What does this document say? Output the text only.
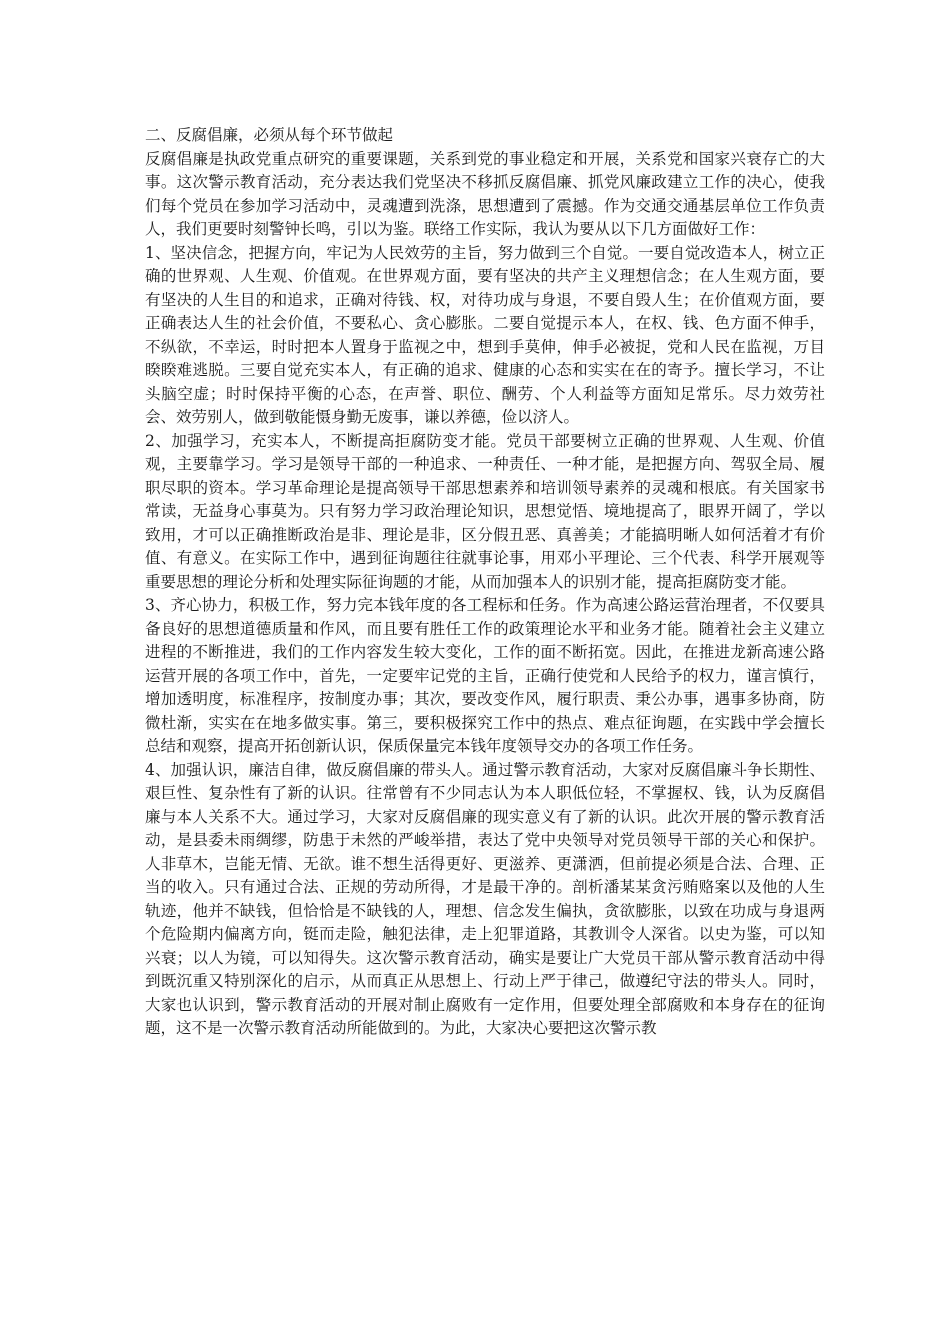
二、反腐倡廉，必须从每个环节做起

反腐倡廉是执政党重点研究的重要课题，关系到党的事业稳定和开展，关系党和国家兴衰存亡的大事。这次警示教育活动，充分表达我们党坚决不移抓反腐倡廉、抓党风廉政建立工作的决心，使我们每个党员在参加学习活动中，灵魂遭到洗涤，思想遭到了震撼。作为交通交通基层单位工作负责人，我们更要时刻警钟长鸣，引以为鉴。联络工作实际，我认为要从以下几方面做好工作：

1、坚决信念，把握方向，牢记为人民效劳的主旨，努力做到三个自觉。一要自觉改造本人，树立正确的世界观、人生观、价值观。在世界观方面，要有坚决的共产主义理想信念；在人生观方面，要有坚决的人生目的和追求，正确对待钱、权，对待功成与身退，不要自毁人生；在价值观方面，要正确表达人生的社会价值，不要私心、贪心膨胀。二要自觉提示本人，在权、钱、色方面不伸手，不纵欲，不幸运，时时把本人置身于监视之中，想到手莫伸，伸手必被捉，党和人民在监视，万目睽睽难逃脱。三要自觉充实本人，有正确的追求、健康的心态和实实在在的寄予。擅长学习，不让头脑空虚；时时保持平衡的心态，在声誉、职位、酬劳、个人利益等方面知足常乐。尽力效劳社会、效劳别人，做到敬能慑身勤无废事，谦以养德，俭以济人。

2、加强学习，充实本人，不断提高拒腐防变才能。党员干部要树立正确的世界观、人生观、价值观，主要靠学习。学习是领导干部的一种追求、一种责任、一种才能，是把握方向、驾驭全局、履职尽职的资本。学习革命理论是提高领导干部思想素养和培训领导素养的灵魂和根底。有关国家书常读，无益身心事莫为。只有努力学习政治理论知识，思想觉悟、境地提高了，眼界开阔了，学以致用，才可以正确推断政治是非、理论是非，区分假丑恶、真善美；才能搞明晰人如何活着才有价值、有意义。在实际工作中，遇到征询题往往就事论事，用邓小平理论、三个代表、科学开展观等重要思想的理论分析和处理实际征询题的才能，从而加强本人的识别才能，提高拒腐防变才能。

3、齐心协力，积极工作，努力完本钱年度的各工程标和任务。作为高速公路运营治理者，不仅要具备良好的思想道德质量和作风，而且要有胜任工作的政策理论水平和业务才能。随着社会主义建立进程的不断推进，我们的工作内容发生较大变化，工作的面不断拓宽。因此，在推进龙新高速公路运营开展的各项工作中，首先，一定要牢记党的主旨，正确行使党和人民给予的权力，谨言慎行，增加透明度，标准程序，按制度办事；其次，要改变作风，履行职责、秉公办事，遇事多协商，防微杜渐，实实在在地多做实事。第三，要积极探究工作中的热点、难点征询题，在实践中学会擅长总结和观察，提高开拓创新认识，保质保量完本钱年度领导交办的各项工作任务。

4、加强认识，廉洁自律，做反腐倡廉的带头人。通过警示教育活动，大家对反腐倡廉斗争长期性、艰巨性、复杂性有了新的认识。往常曾有不少同志认为本人职低位轻，不掌握权、钱，认为反腐倡廉与本人关系不大。通过学习，大家对反腐倡廉的现实意义有了新的认识。此次开展的警示教育活动，是县委未雨绸缪，防患于未然的严峻举措，表达了党中央领导对党员领导干部的关心和保护。人非草木，岂能无情、无欲。谁不想生活得更好、更滋养、更潇洒，但前提必须是合法、合理、正当的收入。只有通过合法、正规的劳动所得，才是最干净的。剖析潘某某贪污贿赂案以及他的人生轨迹，他并不缺钱，但恰恰是不缺钱的人，理想、信念发生偏执，贪欲膨胀，以致在功成与身退两个危险期内偏离方向，铤而走险，触犯法律，走上犯罪道路，其教训令人深省。以史为鉴，可以知兴衰；以人为镜，可以知得失。这次警示教育活动，确实是要让广大党员干部从警示教育活动中得到既沉重又特别深化的启示，从而真正从思想上、行动上严于律己，做遵纪守法的带头人。同时，大家也认识到，警示教育活动的开展对制止腐败有一定作用，但要处理全部腐败和本身存在的征询题，这不是一次警示教育活动所能做到的。为此，大家决心要把这次警示教
